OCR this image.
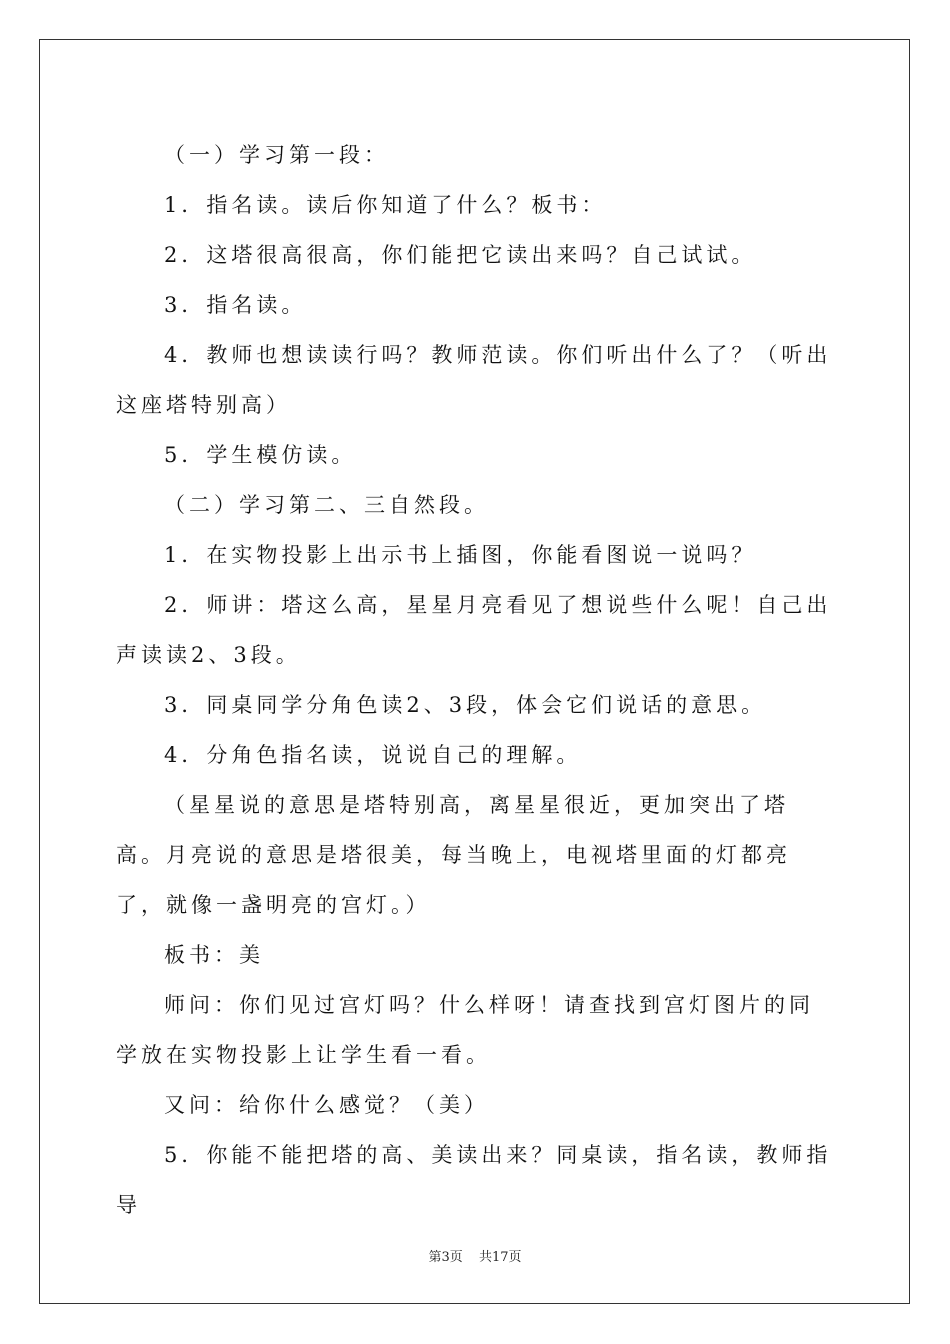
（一）学习第一段：

1．指名读。读后你知道了什么？板书：

2．这塔很高很高，你们能把它读出来吗？自己试试。

3．指名读。

4．教师也想读读行吗？教师范读。你们听出什么了？（听出这座塔特别高）

5．学生模仿读。

（二）学习第二、三自然段。

1．在实物投影上出示书上插图，你能看图说一说吗？

2．师讲：塔这么高，星星月亮看见了想说些什么呢！自己出声读读2、3段。

3．同桌同学分角色读2、3段，体会它们说话的意思。

4．分角色指名读，说说自己的理解。

（星星说的意思是塔特别高，离星星很近，更加突出了塔高。月亮说的意思是塔很美，每当晚上，电视塔里面的灯都亮了，就像一盏明亮的宫灯。）

板书：美

师问：你们见过宫灯吗？什么样呀！请查找到宫灯图片的同学放在实物投影上让学生看一看。

又问：给你什么感觉？（美）

5．你能不能把塔的高、美读出来？同桌读，指名读，教师指导

第3页 共17页
